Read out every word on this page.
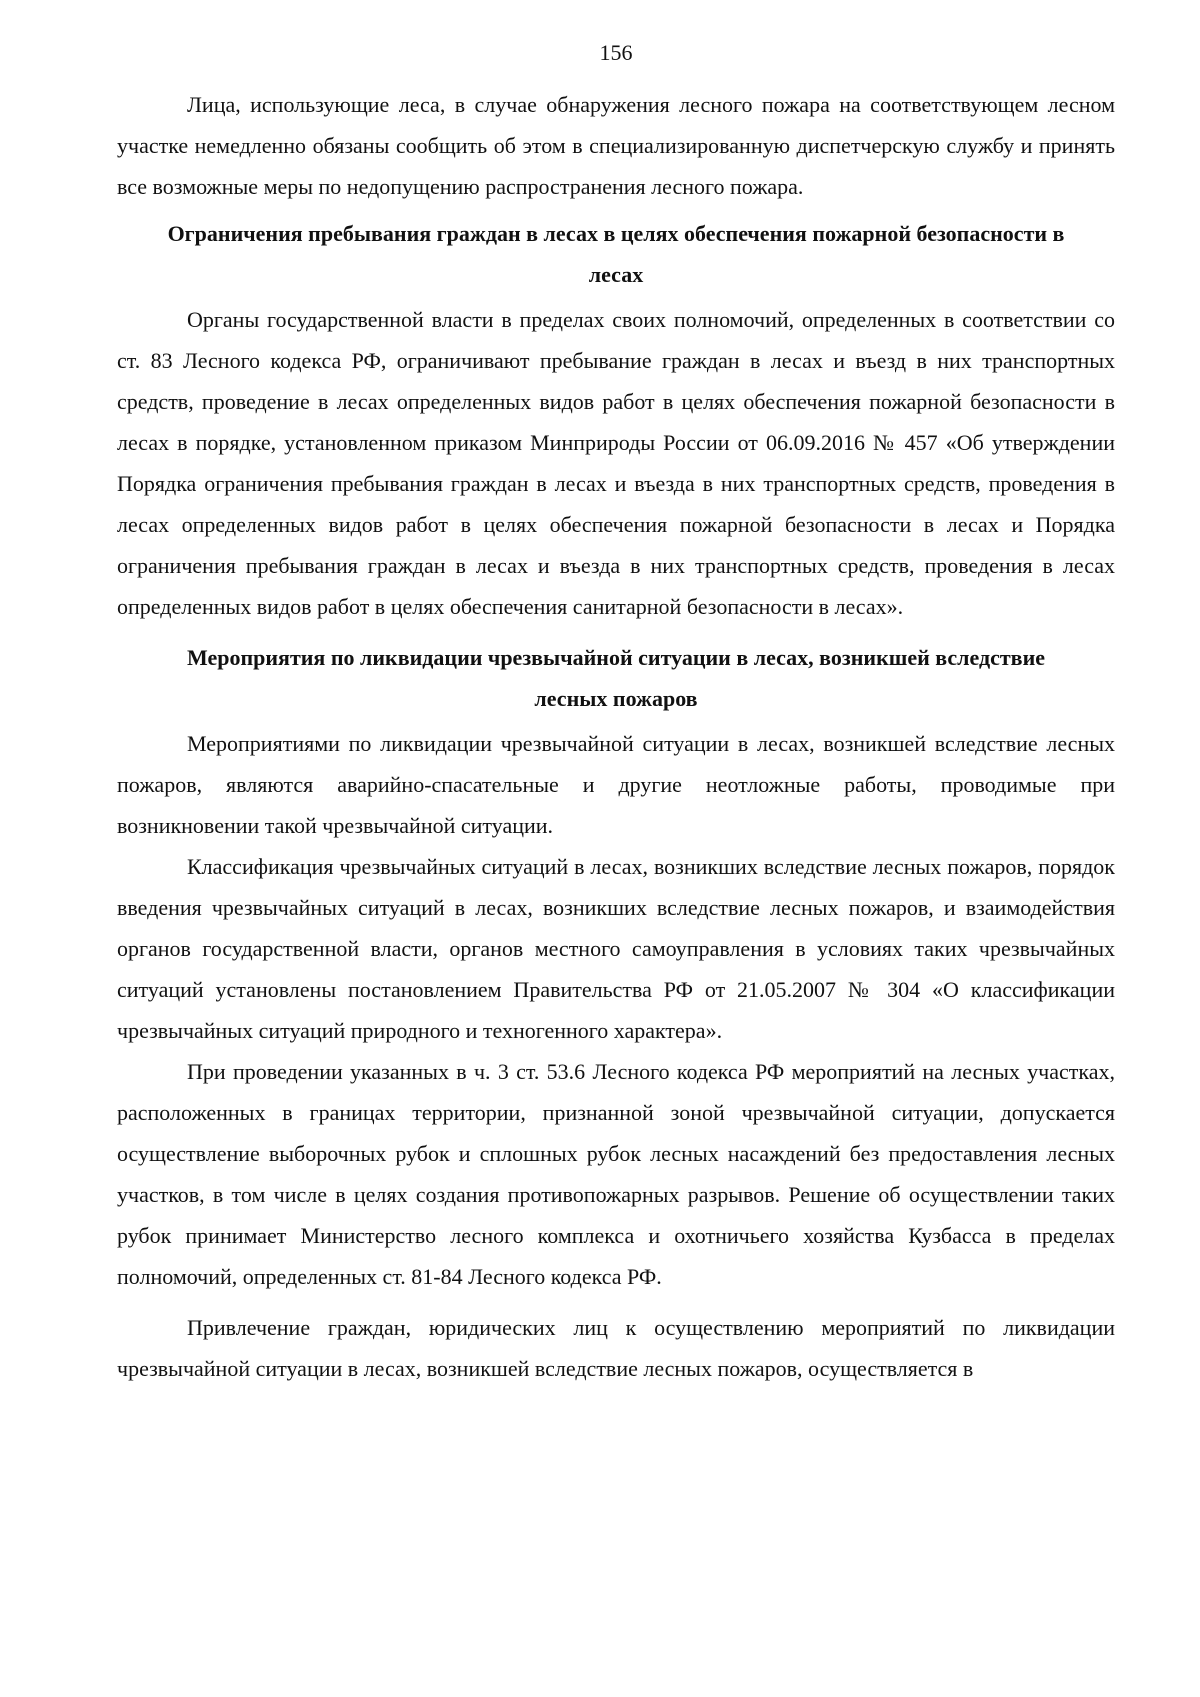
156

Лица, использующие леса, в случае обнаружения лесного пожара на соответствующем лесном участке немедленно обязаны сообщить об этом в специализированную диспетчерскую службу и принять все возможные меры по недопущению распространения лесного пожара.

Ограничения пребывания граждан в лесах в целях обеспечения пожарной безопасности в лесах

Органы государственной власти в пределах своих полномочий, определенных в соответствии со ст. 83 Лесного кодекса РФ, ограничивают пребывание граждан в лесах и въезд в них транспортных средств, проведение в лесах определенных видов работ в целях обеспечения пожарной безопасности в лесах в порядке, установленном приказом Минприроды России от 06.09.2016 № 457 «Об утверждении Порядка ограничения пребывания граждан в лесах и въезда в них транспортных средств, проведения в лесах определенных видов работ в целях обеспечения пожарной безопасности в лесах и Порядка ограничения пребывания граждан в лесах и въезда в них транспортных средств, проведения в лесах определенных видов работ в целях обеспечения санитарной безопасности в лесах».

Мероприятия по ликвидации чрезвычайной ситуации в лесах, возникшей вследствие лесных пожаров

Мероприятиями по ликвидации чрезвычайной ситуации в лесах, возникшей вследствие лесных пожаров, являются аварийно-спасательные и другие неотложные работы, проводимые при возникновении такой чрезвычайной ситуации.

Классификация чрезвычайных ситуаций в лесах, возникших вследствие лесных пожаров, порядок введения чрезвычайных ситуаций в лесах, возникших вследствие лесных пожаров, и взаимодействия органов государственной власти, органов местного самоуправления в условиях таких чрезвычайных ситуаций установлены постановлением Правительства РФ от 21.05.2007 № 304 «О классификации чрезвычайных ситуаций природного и техногенного характера».

При проведении указанных в ч. 3 ст. 53.6 Лесного кодекса РФ мероприятий на лесных участках, расположенных в границах территории, признанной зоной чрезвычайной ситуации, допускается осуществление выборочных рубок и сплошных рубок лесных насаждений без предоставления лесных участков, в том числе в целях создания противопожарных разрывов. Решение об осуществлении таких рубок принимает Министерство лесного комплекса и охотничьего хозяйства Кузбасса в пределах полномочий, определенных ст. 81-84 Лесного кодекса РФ.

Привлечение граждан, юридических лиц к осуществлению мероприятий по ликвидации чрезвычайной ситуации в лесах, возникшей вследствие лесных пожаров, осуществляется в
